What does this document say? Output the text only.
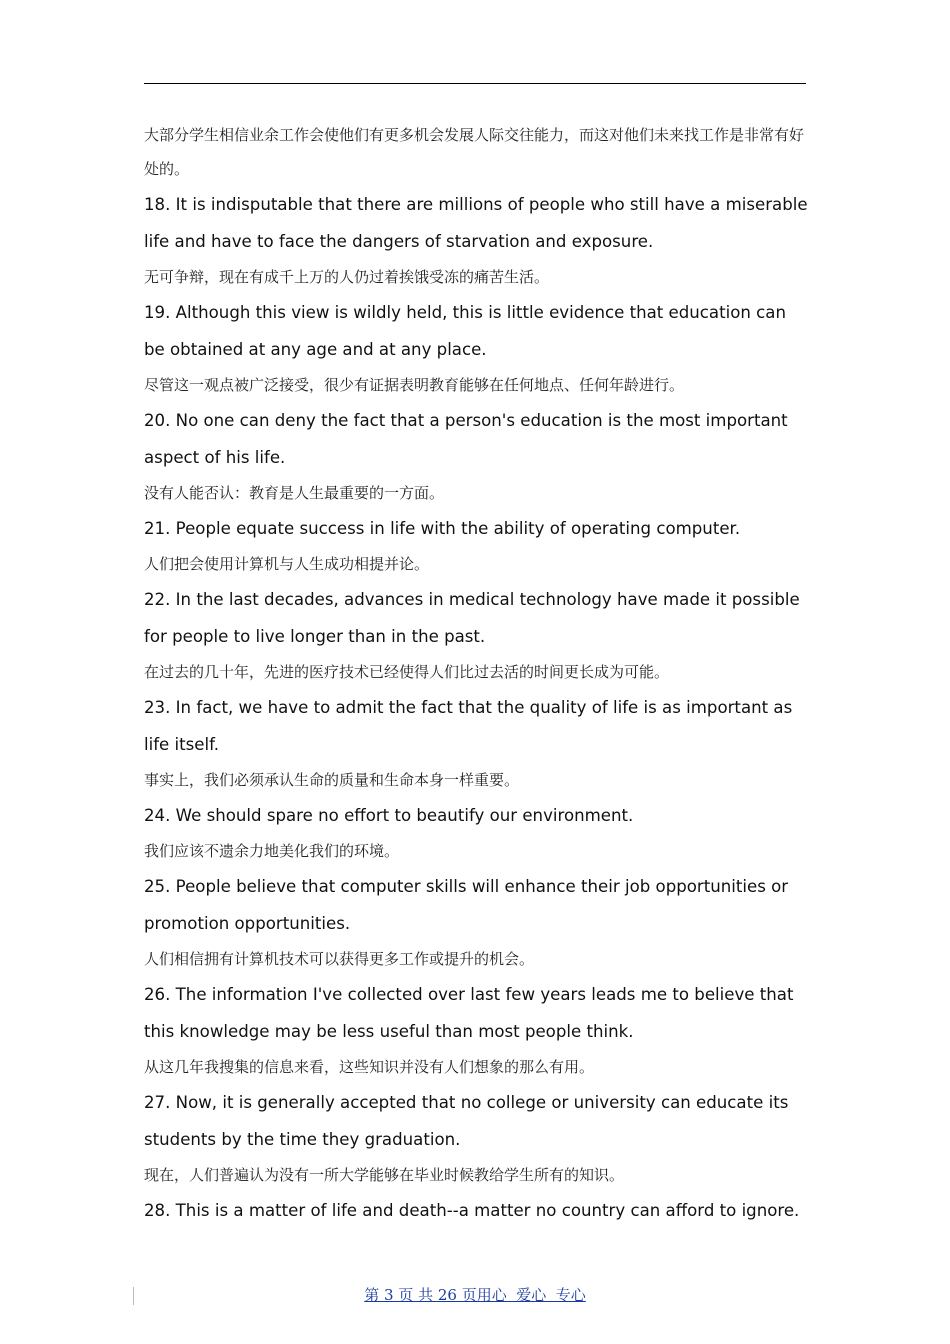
大部分学生相信业余工作会使他们有更多机会发展人际交往能力，而这对他们未来找工作是非常有好处的。

18. It is indisputable that there are millions of people who still have a miserable life and have to face the dangers of starvation and exposure.

无可争辩，现在有成千上万的人仍过着挨饿受冻的痛苦生活。

19. Although this view is wildly held, this is little evidence that education can be obtained at any age and at any place.

尽管这一观点被广泛接受，很少有证据表明教育能够在任何地点、任何年龄进行。

20. No one can deny the fact that a person's education is the most important aspect of his life.

没有人能否认：教育是人生最重要的一方面。

21. People equate success in life with the ability of operating computer.

人们把会使用计算机与人生成功相提并论。

22. In the last decades, advances in medical technology have made it possible for people to live longer than in the past.

在过去的几十年，先进的医疗技术已经使得人们比过去活的时间更长成为可能。

23. In fact, we have to admit the fact that the quality of life is as important as life itself.

事实上，我们必须承认生命的质量和生命本身一样重要。

24. We should spare no effort to beautify our environment.

我们应该不遗余力地美化我们的环境。

25. People believe that computer skills will enhance their job opportunities or promotion opportunities.

人们相信拥有计算机技术可以获得更多工作或提升的机会。

26. The information I've collected over last few years leads me to believe that this knowledge may be less useful than most people think.

从这几年我搜集的信息来看，这些知识并没有人们想象的那么有用。

27. Now, it is generally accepted that no college or university can educate its students by the time they graduation.

现在，人们普遍认为没有一所大学能够在毕业时候教给学生所有的知识。

28. This is a matter of life and death--a matter no country can afford to ignore.

第 3 页 共 26 页用心  爱心  专心
